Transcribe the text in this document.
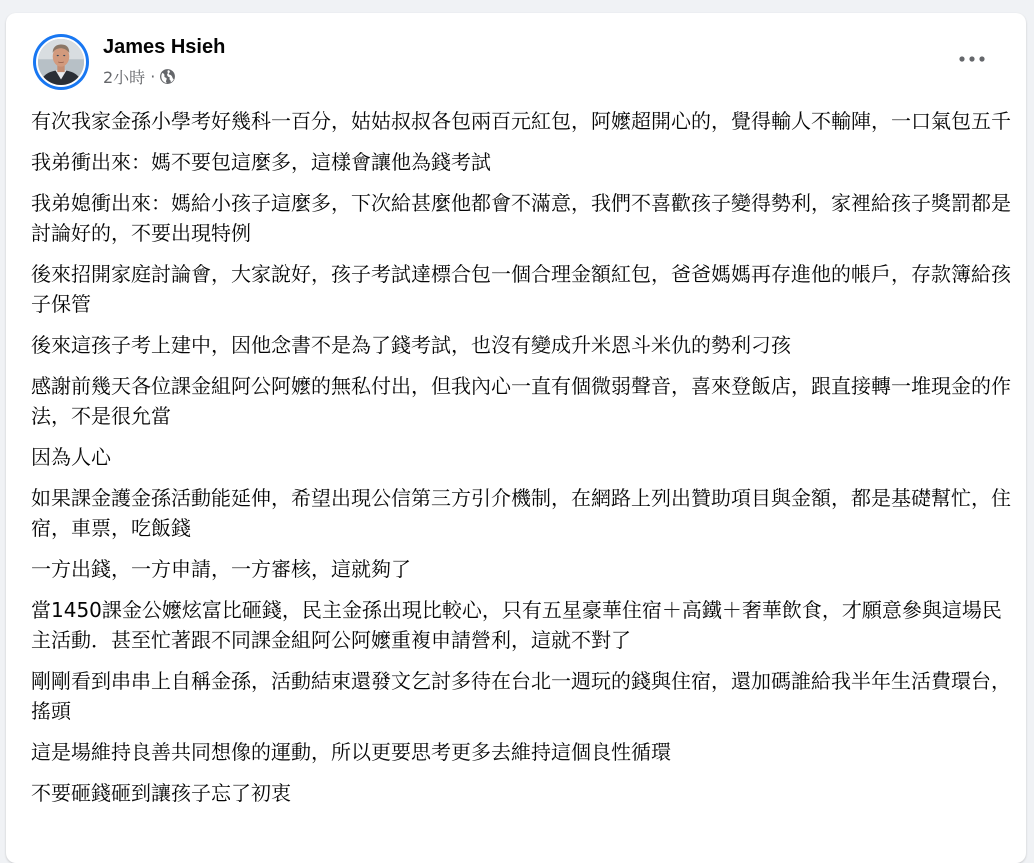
James Hsieh
2小時 ·

有次我家金孫小學考好幾科一百分，姑姑叔叔各包兩百元紅包，阿嬤超開心的，覺得輸人不輸陣，一口氣包五千

我弟衝出來：媽不要包這麼多，這樣會讓他為錢考試

我弟媳衝出來：媽給小孩子這麼多，下次給甚麼他都會不滿意，我們不喜歡孩子變得勢利，家裡給孩子獎罰都是討論好的，不要出現特例

後來招開家庭討論會，大家說好，孩子考試達標合包一個合理金額紅包，爸爸媽媽再存進他的帳戶，存款簿給孩子保管

後來這孩子考上建中，因他念書不是為了錢考試，也沒有變成升米恩斗米仇的勢利刁孩

感謝前幾天各位課金組阿公阿嬤的無私付出，但我內心一直有個微弱聲音，喜來登飯店，跟直接轉一堆現金的作法，不是很允當

因為人心

如果課金護金孫活動能延伸，希望出現公信第三方引介機制，在網路上列出贊助項目與金額，都是基礎幫忙，住宿，車票，吃飯錢

一方出錢，一方申請，一方審核，這就夠了

當1450課金公嬤炫富比砸錢，民主金孫出現比較心，只有五星豪華住宿＋高鐵＋奢華飲食，才願意參與這場民主活動．甚至忙著跟不同課金組阿公阿嬤重複申請營利，這就不對了

剛剛看到串串上自稱金孫，活動結束還發文乞討多待在台北一週玩的錢與住宿，還加碼誰給我半年生活費環台，搖頭

這是場維持良善共同想像的運動，所以更要思考更多去維持這個良性循環

不要砸錢砸到讓孩子忘了初衷
